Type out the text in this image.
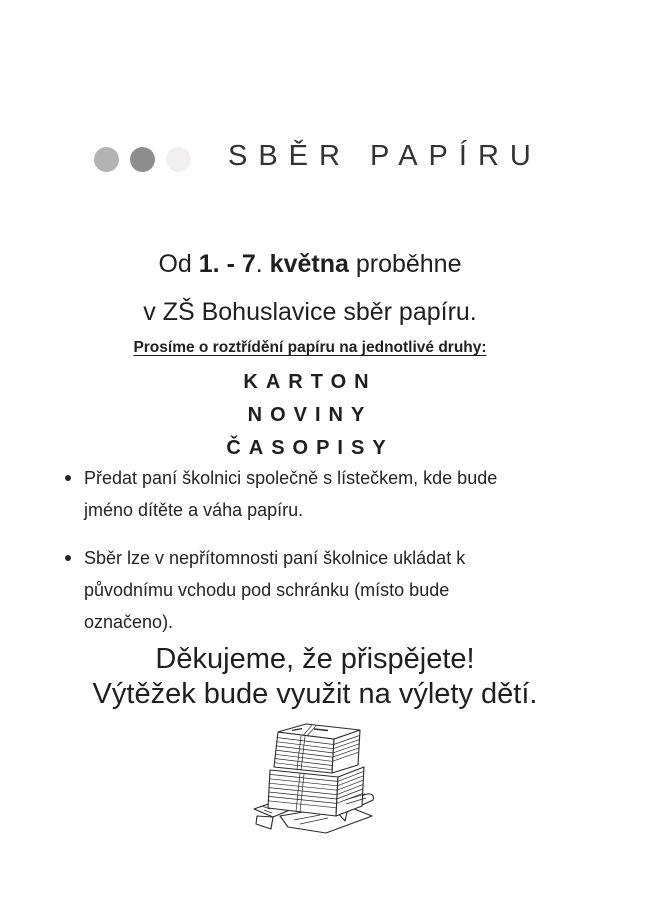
SBĚR PAPÍRU
Od 1. - 7. května proběhne
v ZŠ Bohuslavice sběr papíru.
Prosíme o roztřídění papíru na jednotlivé druhy:
KARTON
NOVINY
ČASOPISY
Předat paní školnici společně s lístečkem, kde bude jméno dítěte a váha papíru.
Sběr lze v nepřítomnosti paní školnice ukládat k původnímu vchodu pod schránku (místo bude označeno).
Děkujeme, že přispějete!
Výtěžek bude využit na výlety dětí.
